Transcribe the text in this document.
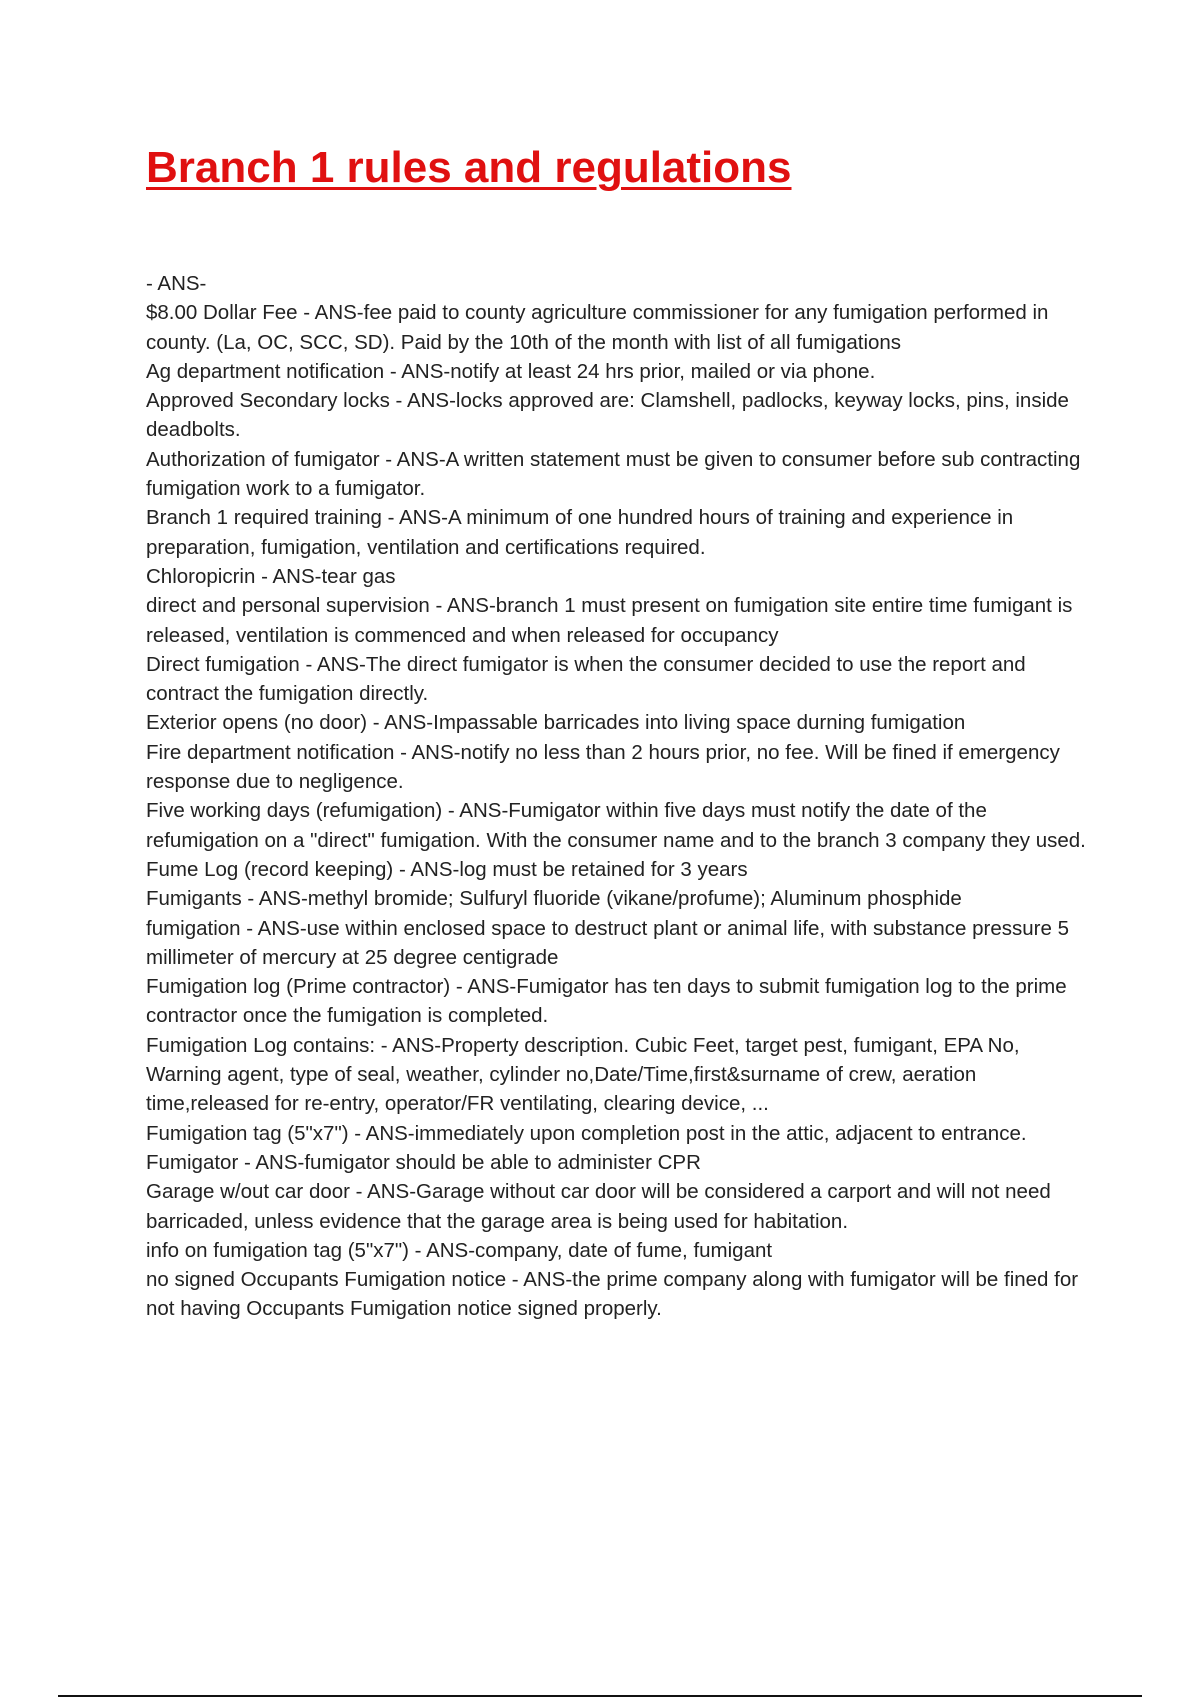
Branch 1 rules and regulations

- ANS-

$8.00 Dollar Fee - ANS-fee paid to county agriculture commissioner for any fumigation performed in county. (La, OC, SCC, SD). Paid by the 10th of the month with list of all fumigations

Ag department notification - ANS-notify at least 24 hrs prior, mailed or via phone.

Approved Secondary locks - ANS-locks approved are: Clamshell, padlocks, keyway locks, pins, inside deadbolts.

Authorization of fumigator - ANS-A written statement must be given to consumer before sub contracting fumigation work to a fumigator.

Branch 1 required training - ANS-A minimum of one hundred hours of training and experience in preparation, fumigation, ventilation and certifications required.

Chloropicrin - ANS-tear gas

direct and personal supervision - ANS-branch 1 must present on fumigation site entire time fumigant is released, ventilation is commenced and when released for occupancy

Direct fumigation - ANS-The direct fumigator is when the consumer decided to use the report and contract the fumigation directly.

Exterior opens (no door) - ANS-Impassable barricades into living space durning fumigation

Fire department notification - ANS-notify no less than 2 hours prior, no fee. Will be fined if emergency response due to negligence.

Five working days (refumigation) - ANS-Fumigator within five days must notify the date of the refumigation on a "direct" fumigation. With the consumer name and to the branch 3 company they used.

Fume Log (record keeping) - ANS-log must be retained for 3 years

Fumigants - ANS-methyl bromide; Sulfuryl fluoride (vikane/profume); Aluminum phosphide

fumigation - ANS-use within enclosed space to destruct plant or animal life, with substance pressure 5 millimeter of mercury at 25 degree centigrade

Fumigation log (Prime contractor) - ANS-Fumigator has ten days to submit fumigation log to the prime contractor once the fumigation is completed.

Fumigation Log contains: - ANS-Property description. Cubic Feet, target pest, fumigant, EPA No, Warning agent, type of seal, weather, cylinder no,Date/Time,first&surname of crew, aeration time,released for re-entry, operator/FR ventilating, clearing device, ...

Fumigation tag (5"x7") - ANS-immediately upon completion post in the attic, adjacent to entrance.

Fumigator - ANS-fumigator should be able to administer CPR

Garage w/out car door - ANS-Garage without car door will be considered a carport and will not need barricaded, unless evidence that the garage area is being used for habitation.

info on fumigation tag (5"x7") - ANS-company, date of fume, fumigant

no signed Occupants Fumigation notice - ANS-the prime company along with fumigator will be fined for not having Occupants Fumigation notice signed properly.
